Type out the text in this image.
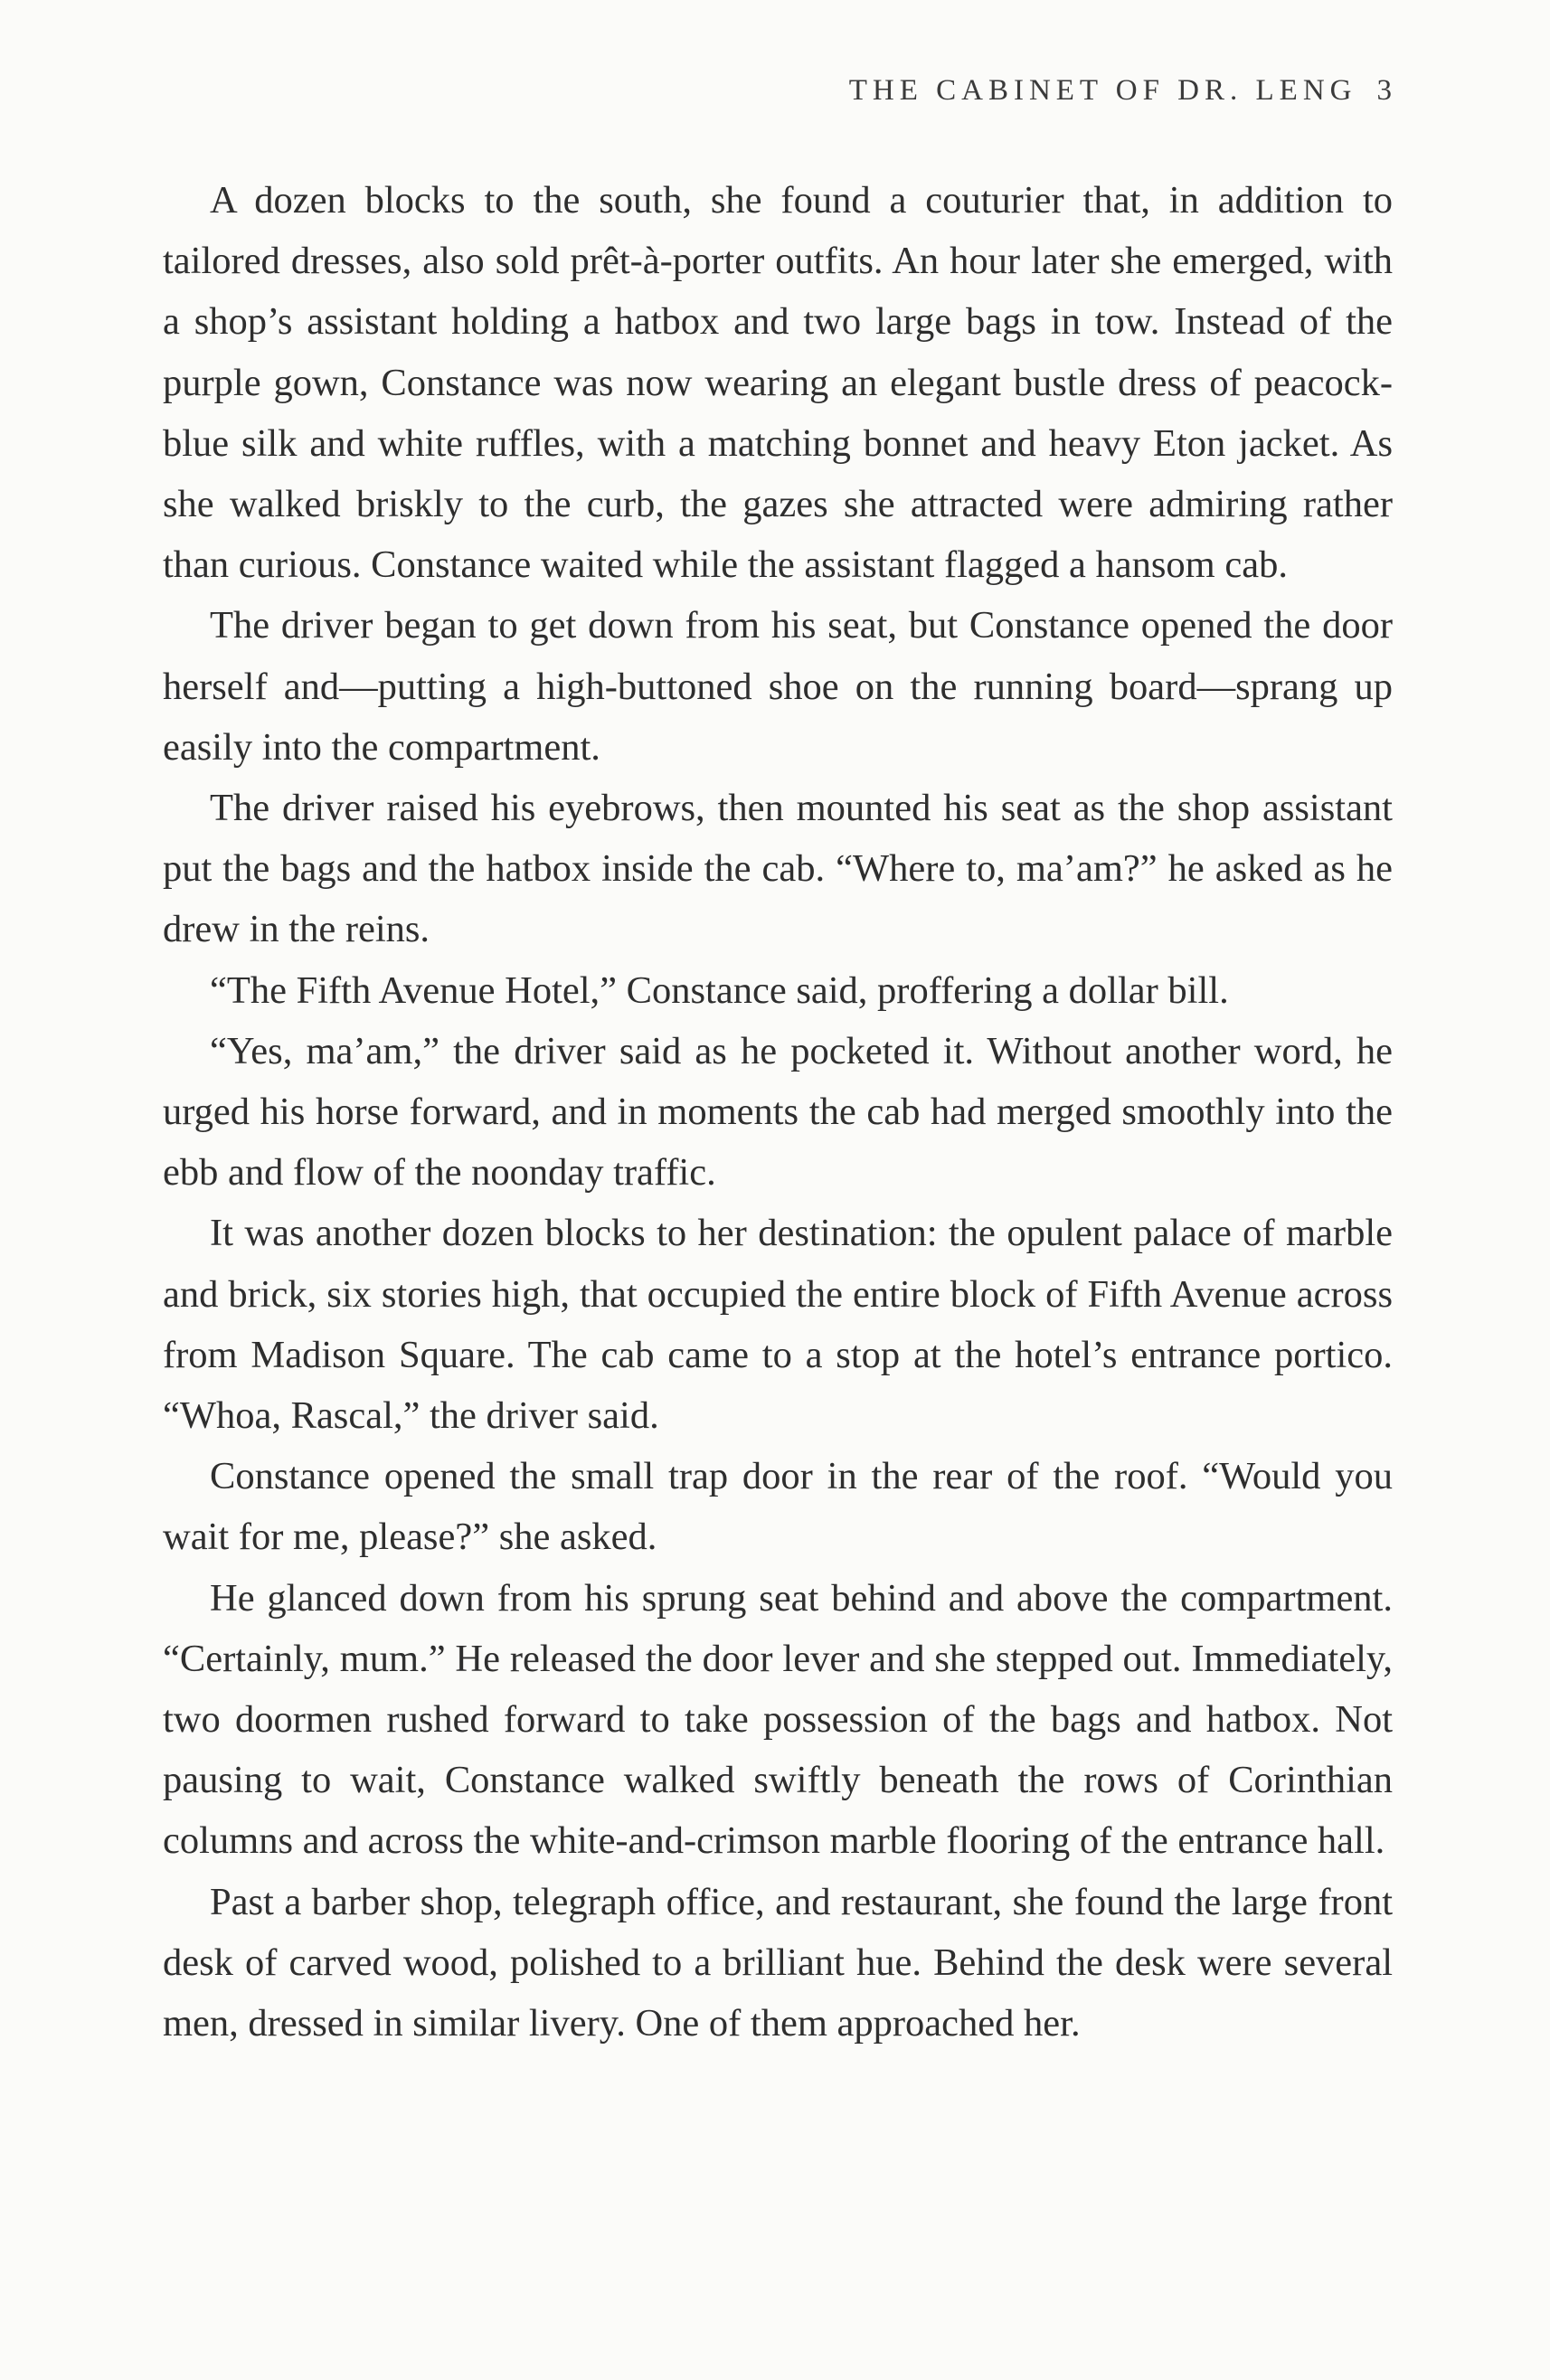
THE CABINET OF DR. LENG 3

A dozen blocks to the south, she found a couturier that, in addition to tailored dresses, also sold prêt-à-porter outfits. An hour later she emerged, with a shop’s assistant holding a hatbox and two large bags in tow. Instead of the purple gown, Constance was now wearing an elegant bustle dress of peacock-blue silk and white ruffles, with a matching bonnet and heavy Eton jacket. As she walked briskly to the curb, the gazes she attracted were admiring rather than curious. Constance waited while the assistant flagged a hansom cab.

The driver began to get down from his seat, but Constance opened the door herself and—putting a high-buttoned shoe on the running board—sprang up easily into the compartment.

The driver raised his eyebrows, then mounted his seat as the shop assistant put the bags and the hatbox inside the cab. “Where to, ma’am?” he asked as he drew in the reins.

“The Fifth Avenue Hotel,” Constance said, proffering a dollar bill.

“Yes, ma’am,” the driver said as he pocketed it. Without another word, he urged his horse forward, and in moments the cab had merged smoothly into the ebb and flow of the noonday traffic.

It was another dozen blocks to her destination: the opulent palace of marble and brick, six stories high, that occupied the entire block of Fifth Avenue across from Madison Square. The cab came to a stop at the hotel’s entrance portico. “Whoa, Rascal,” the driver said.

Constance opened the small trap door in the rear of the roof. “Would you wait for me, please?” she asked.

He glanced down from his sprung seat behind and above the compartment. “Certainly, mum.” He released the door lever and she stepped out. Immediately, two doormen rushed forward to take possession of the bags and hatbox. Not pausing to wait, Constance walked swiftly beneath the rows of Corinthian columns and across the white-and-crimson marble flooring of the entrance hall.

Past a barber shop, telegraph office, and restaurant, she found the large front desk of carved wood, polished to a brilliant hue. Behind the desk were several men, dressed in similar livery. One of them approached her.
